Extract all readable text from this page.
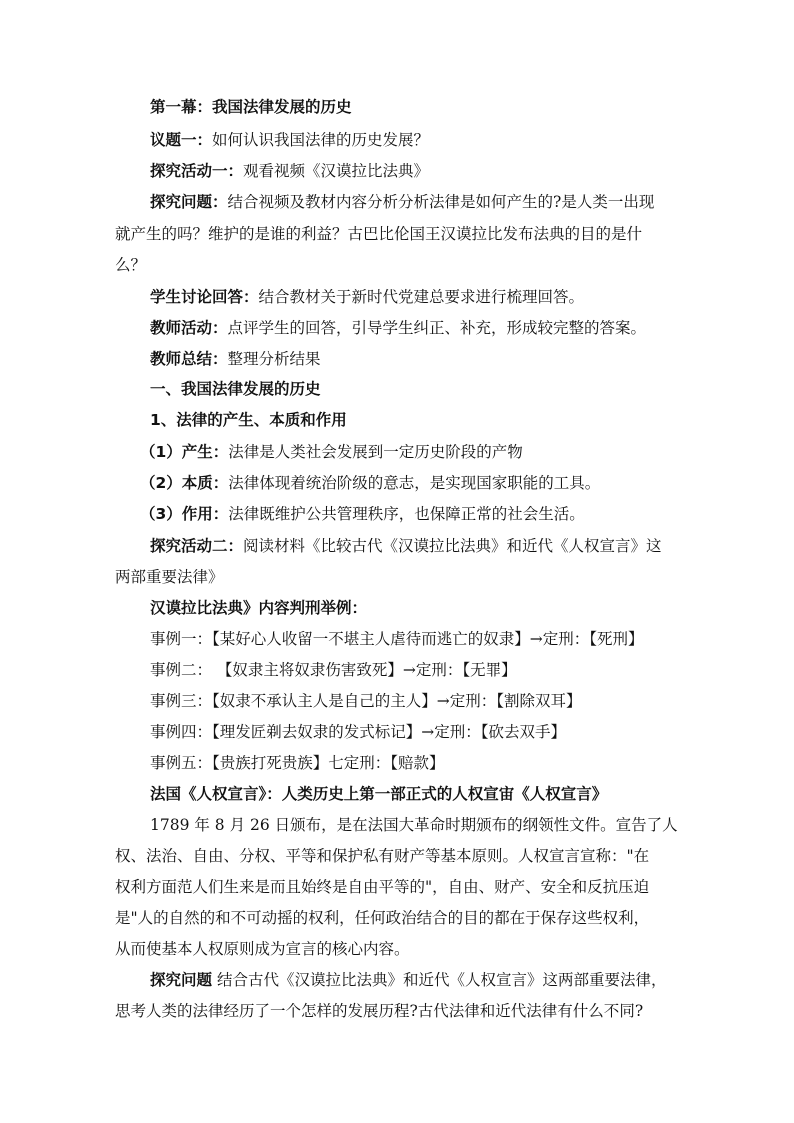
第一幕：我国法律发展的历史
议题一：如何认识我国法律的历史发展？
探究活动一：观看视频《汉谟拉比法典》
探究问题：结合视频及教材内容分析分析法律是如何产生的?是人类一出现
就产生的吗？维护的是谁的利益？古巴比伦国王汉谟拉比发布法典的目的是什
么？
学生讨论回答：结合教材关于新时代党建总要求进行梳理回答。
教师活动：点评学生的回答，引导学生纠正、补充，形成较完整的答案。
教师总结：整理分析结果
一、我国法律发展的历史
1、法律的产生、本质和作用
（1）产生：法律是人类社会发展到一定历史阶段的产物
（2）本质：法律体现着统治阶级的意志，是实现国家职能的工具。
（3）作用：法律既维护公共管理秩序，也保障正常的社会生活。
探究活动二：阅读材料《比较古代《汉谟拉比法典》和近代《人权宣言》这
两部重要法律》
汉谟拉比法典》内容判刑举例：
事例一：【某好心人收留一不堪主人虐待而逃亡的奴隶】→定刑：【死刑】
事例二： 【奴隶主将奴隶伤害致死】→定刑：【无罪】
事例三：【奴隶不承认主人是自己的主人】→定刑：【割除双耳】
事例四：【理发匠剃去奴隶的发式标记】→定刑：【砍去双手】
事例五：【贵族打死贵族】七定刑：【赔款】
法国《人权宣言》：人类历史上第一部正式的人权宣宙《人权宣言》
1789 年 8 月 26 日颁布，是在法国大革命时期颁布的纲领性文件。宣告了人
权、法治、自由、分权、平等和保护私有财产等基本原则。人权宣言宣称："在
权利方面范人们生来是而且始终是自由平等的"，自由、财产、安全和反抗压迫
是"人的自然的和不可动摇的权利，任何政治结合的目的都在于保存这些权利，
从而使基本人权原则成为宣言的核心内容。
探究问题 结合古代《汉谟拉比法典》和近代《人权宣言》这两部重要法律，
思考人类的法律经历了一个怎样的发展历程?古代法律和近代法律有什么不同?
